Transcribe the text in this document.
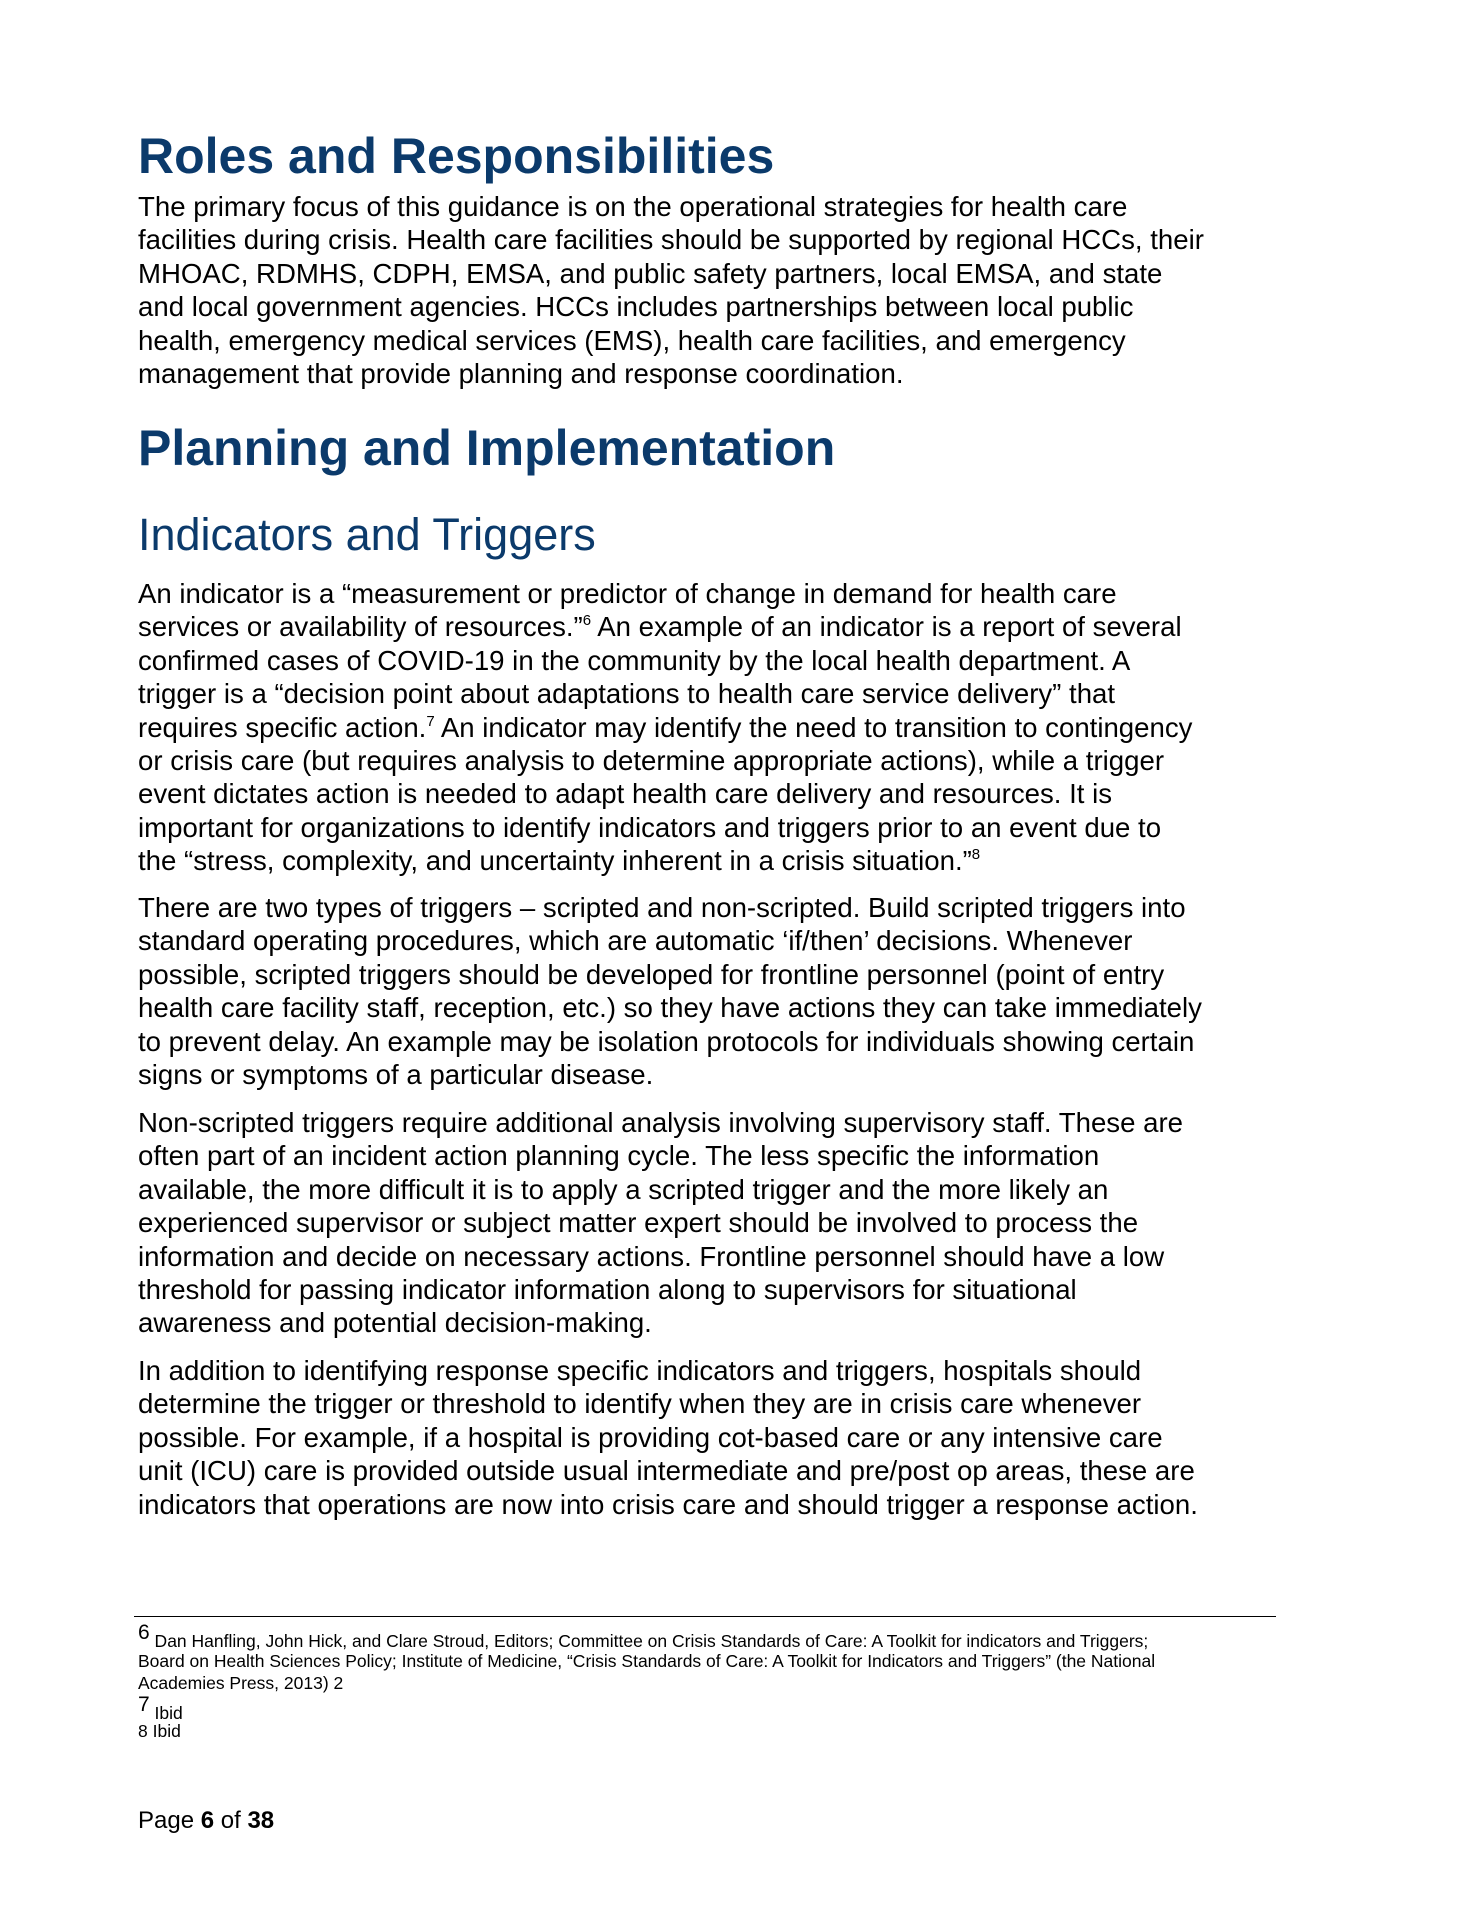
Roles and Responsibilities
The primary focus of this guidance is on the operational strategies for health care
facilities during crisis. Health care facilities should be supported by regional HCCs, their
MHOAC, RDMHS, CDPH, EMSA, and public safety partners, local EMSA, and state
and local government agencies. HCCs includes partnerships between local public
health, emergency medical services (EMS), health care facilities, and emergency
management that provide planning and response coordination.
Planning and Implementation
Indicators and Triggers
An indicator is a “measurement or predictor of change in demand for health care
services or availability of resources.”$^6$ An example of an indicator is a report of several
confirmed cases of COVID-19 in the community by the local health department. A
trigger is a “decision point about adaptations to health care service delivery” that
requires specific action.$^7$ An indicator may identify the need to transition to contingency
or crisis care (but requires analysis to determine appropriate actions), while a trigger
event dictates action is needed to adapt health care delivery and resources. It is
important for organizations to identify indicators and triggers prior to an event due to
the “stress, complexity, and uncertainty inherent in a crisis situation.”$^8$
There are two types of triggers – scripted and non-scripted. Build scripted triggers into
standard operating procedures, which are automatic ‘if/then’ decisions. Whenever
possible, scripted triggers should be developed for frontline personnel (point of entry
health care facility staff, reception, etc.) so they have actions they can take immediately
to prevent delay. An example may be isolation protocols for individuals showing certain
signs or symptoms of a particular disease.
Non-scripted triggers require additional analysis involving supervisory staff. These are
often part of an incident action planning cycle. The less specific the information
available, the more difficult it is to apply a scripted trigger and the more likely an
experienced supervisor or subject matter expert should be involved to process the
information and decide on necessary actions. Frontline personnel should have a low
threshold for passing indicator information along to supervisors for situational
awareness and potential decision-making.
In addition to identifying response specific indicators and triggers, hospitals should
determine the trigger or threshold to identify when they are in crisis care whenever
possible. For example, if a hospital is providing cot-based care or any intensive care
unit (ICU) care is provided outside usual intermediate and pre/post op areas, these are
indicators that operations are now into crisis care and should trigger a response action.
6 Dan Hanfling, John Hick, and Clare Stroud, Editors; Committee on Crisis Standards of Care: A Toolkit for indicators and Triggers;
Board on Health Sciences Policy; Institute of Medicine, “Crisis Standards of Care: A Toolkit for Indicators and Triggers” (the National
Academies Press, 2013) 2
7 Ibid
8 Ibid
Page 6 of 38
